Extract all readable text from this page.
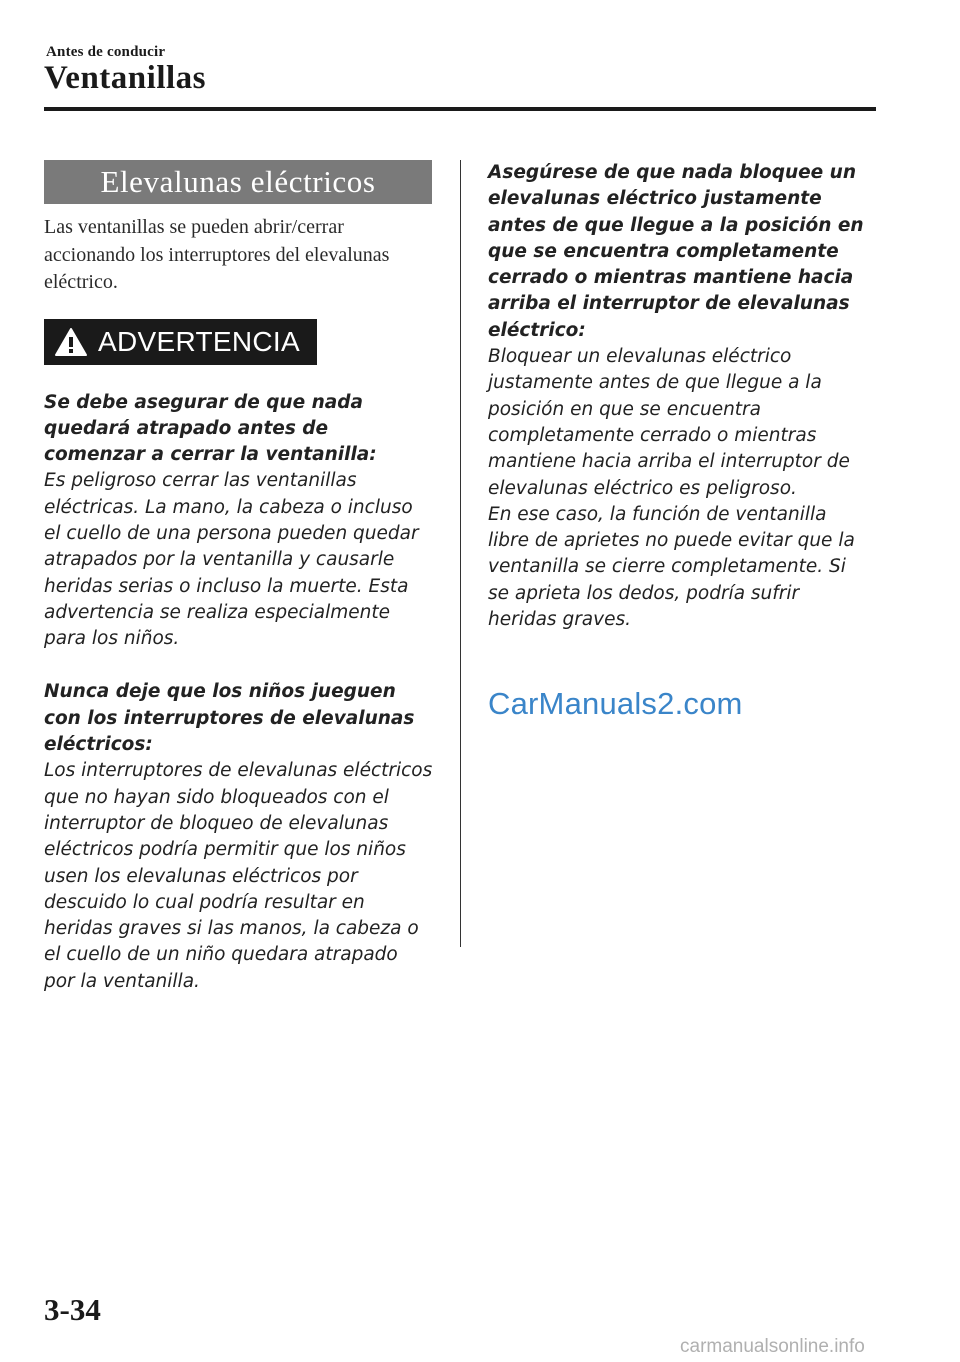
Antes de conducir
Ventanillas
Elevalunas eléctricos
Las ventanillas se pueden abrir/cerrar accionando los interruptores del elevalunas eléctrico.
ADVERTENCIA

Se debe asegurar de que nada quedará atrapado antes de comenzar a cerrar la ventanilla:

Es peligroso cerrar las ventanillas eléctricas. La mano, la cabeza o incluso el cuello de una persona pueden quedar atrapados por la ventanilla y causarle heridas serias o incluso la muerte. Esta advertencia se realiza especialmente para los niños.

Nunca deje que los niños jueguen con los interruptores de elevalunas eléctricos:

Los interruptores de elevalunas eléctricos que no hayan sido bloqueados con el interruptor de bloqueo de elevalunas eléctricos podría permitir que los niños usen los elevalunas eléctricos por descuido lo cual podría resultar en heridas graves si las manos, la cabeza o el cuello de un niño quedara atrapado por la ventanilla.

Asegúrese de que nada bloquee un elevalunas eléctrico justamente antes de que llegue a la posición en que se encuentra completamente cerrado o mientras mantiene hacia arriba el interruptor de elevalunas eléctrico:

Bloquear un elevalunas eléctrico justamente antes de que llegue a la posición en que se encuentra completamente cerrado o mientras mantiene hacia arriba el interruptor de elevalunas eléctrico es peligroso.

En ese caso, la función de ventanilla libre de aprietes no puede evitar que la ventanilla se cierre completamente. Si se aprieta los dedos, podría sufrir heridas graves.

CarManuals2.com
3-34
carmanualsonline.info
